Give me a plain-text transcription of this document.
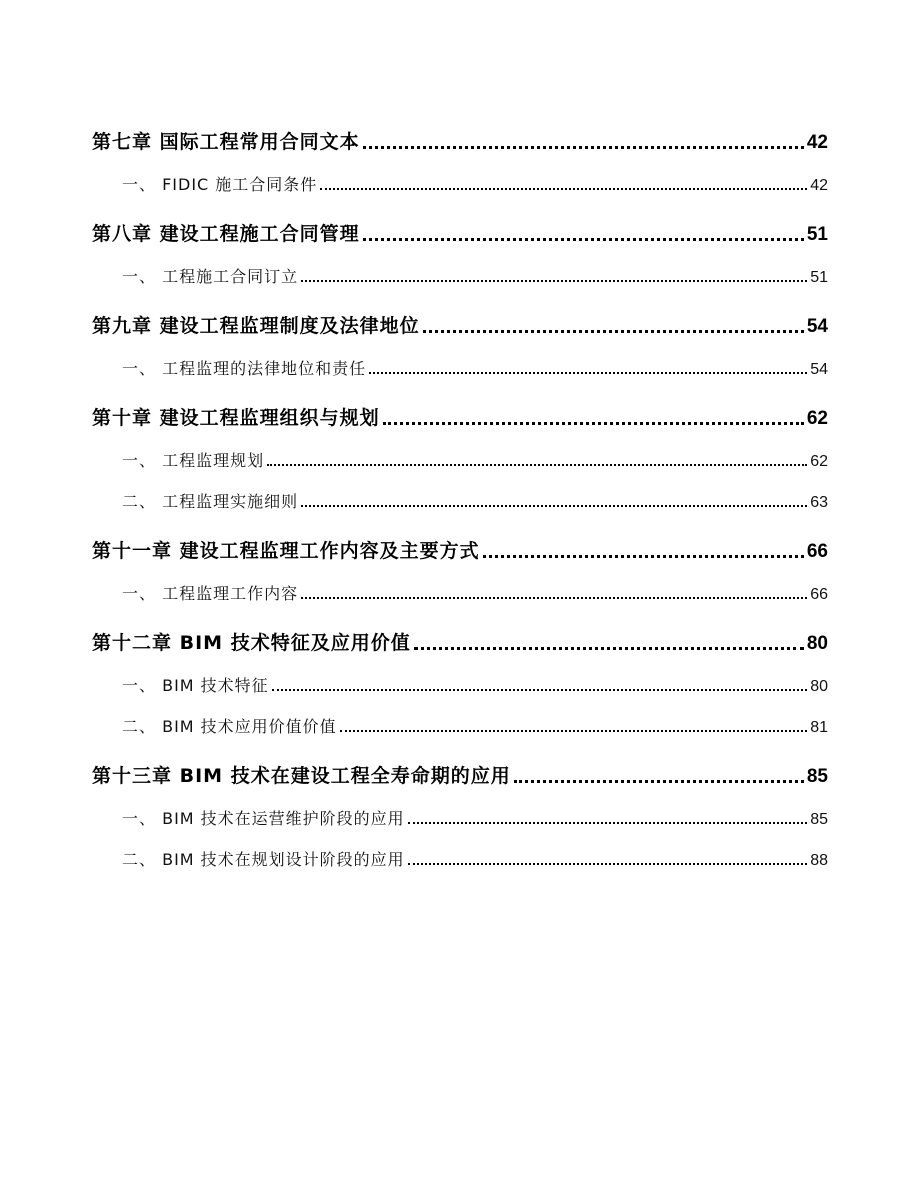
第七章 国际工程常用合同文本	42
一、 FIDIC 施工合同条件	42
第八章 建设工程施工合同管理	51
一、 工程施工合同订立	51
第九章 建设工程监理制度及法律地位	54
一、 工程监理的法律地位和责任	54
第十章 建设工程监理组织与规划	62
一、 工程监理规划	62
二、 工程监理实施细则	63
第十一章 建设工程监理工作内容及主要方式	66
一、 工程监理工作内容	66
第十二章 BIM 技术特征及应用价值	80
一、 BIM 技术特征	80
二、 BIM 技术应用价值价值	81
第十三章 BIM 技术在建设工程全寿命期的应用	85
一、 BIM 技术在运营维护阶段的应用	85
二、 BIM 技术在规划设计阶段的应用	88
